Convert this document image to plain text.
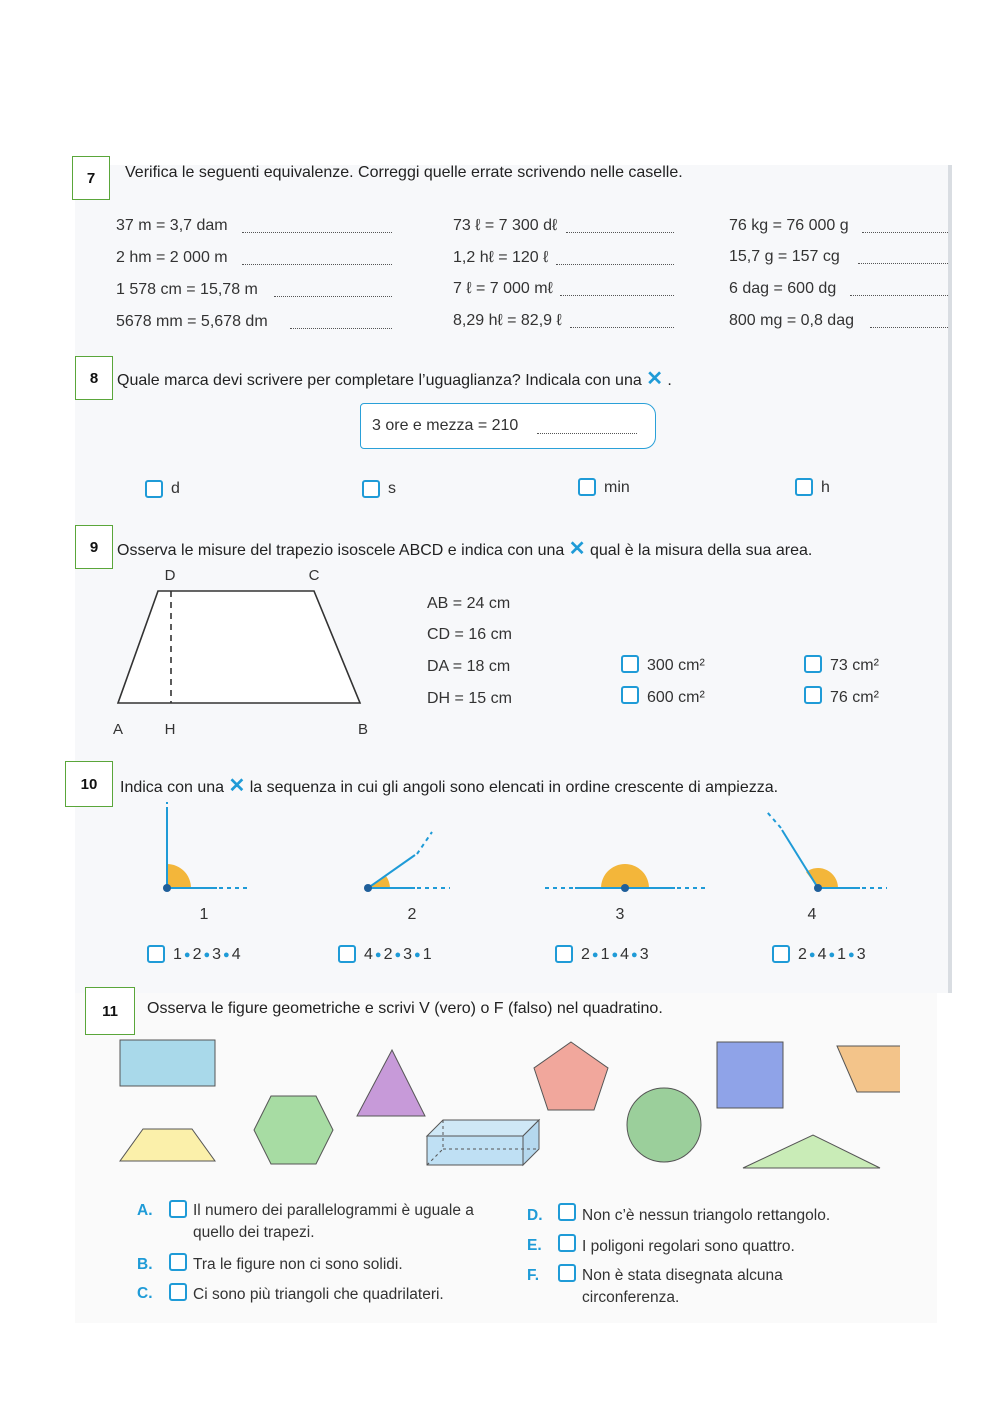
7	Verifica le seguenti equivalenze. Correggi quelle errate scrivendo nelle caselle.
37 m = 3,7 dam	73 ℓ = 7 300 dℓ	76 kg = 76 000 g
2 hm = 2 000 m	1,2 hℓ = 120 ℓ	15,7 g = 157 cg
1 578 cm = 15,78 m	7 ℓ = 7 000 mℓ	6 dag = 600 dg
5678 mm = 5,678 dm	8,29 hℓ = 82,9 ℓ	800 mg = 0,8 dag
8	Quale marca devi scrivere per completare l’uguaglianza? Indicala con una ✕ .
3 ore e mezza = 210
d	s	min	h
9	Osserva le misure del trapezio isoscele ABCD e indica con una ✕ qual è la misura della sua area.
D	C
A	H	B
AB = 24 cm
CD = 16 cm
DA = 18 cm
DH = 15 cm
300 cm²
600 cm²
73 cm²
76 cm²
10	Indica con una ✕ la sequenza in cui gli angoli sono elencati in ordine crescente di ampiezza.
1	2	3	4
1 ● 2 ● 3 ● 4	4 ● 2 ● 3 ● 1	2 ● 1 ● 4 ● 3	2 ● 4 ● 1 ● 3
11	Osserva le figure geometriche e scrivi V (vero) o F (falso) nel quadratino.
A.	Il numero dei parallelogrammi è uguale a quello dei trapezi.
B.	Tra le figure non ci sono solidi.
C.	Ci sono più triangoli che quadrilateri.
D.	Non c’è nessun triangolo rettangolo.
E.	I poligoni regolari sono quattro.
F.	Non è stata disegnata alcuna circonferenza.
